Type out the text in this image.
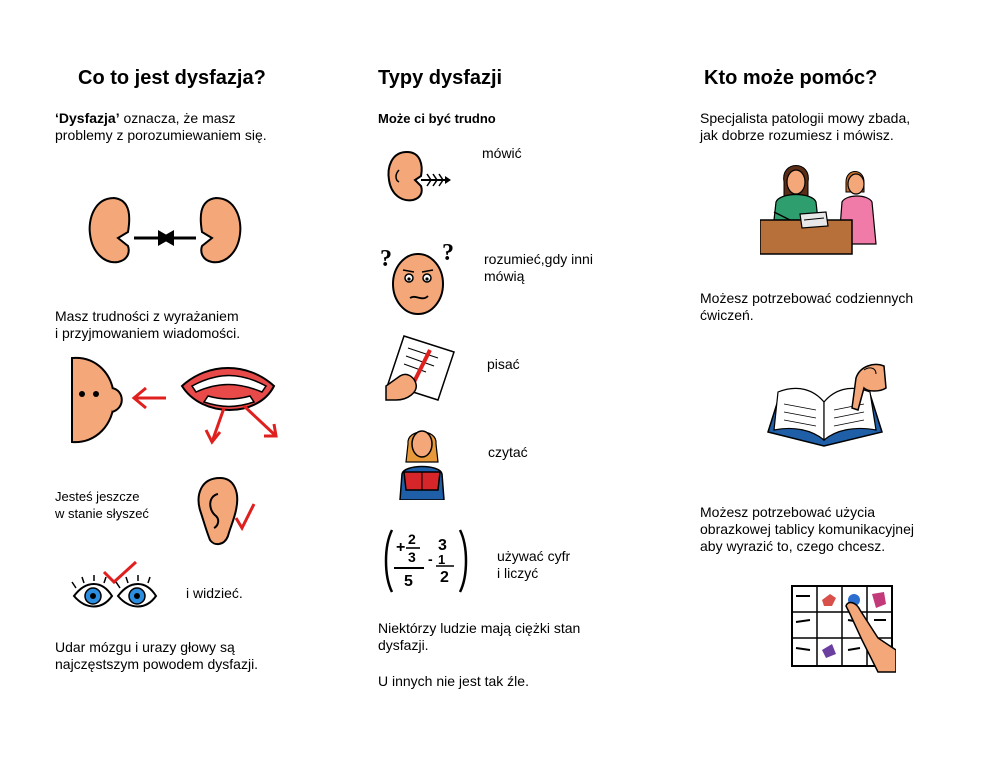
Co to jest dysfazja?

‘Dysfazja’ oznacza, że masz
problemy z porozumiewaniem się.

Masz trudności z wyrażaniem
i przyjmowaniem wiadomości.

Jesteś jeszcze
w stanie słyszeć

i widzieć.

Udar mózgu i urazy głowy są
najczęstszym powodem dysfazji.

Typy dysfazji

Może ci być trudno

mówić

? ? rozumieć,gdy inni
mówią

pisać

czytać

+ 2
3
5
3
- 1
2

używać cyfr
i liczyć

Niektórzy ludzie mają ciężki stan
dysfazji.

U innych nie jest tak źle.

Kto może pomóc?

Specjalista patologii mowy zbada,
jak dobrze rozumiesz i mówisz.

Możesz potrzebować codziennych
ćwiczeń.

Możesz potrzebować użycia
obrazkowej tablicy komunikacyjnej
aby wyrazić to, czego chcesz.
